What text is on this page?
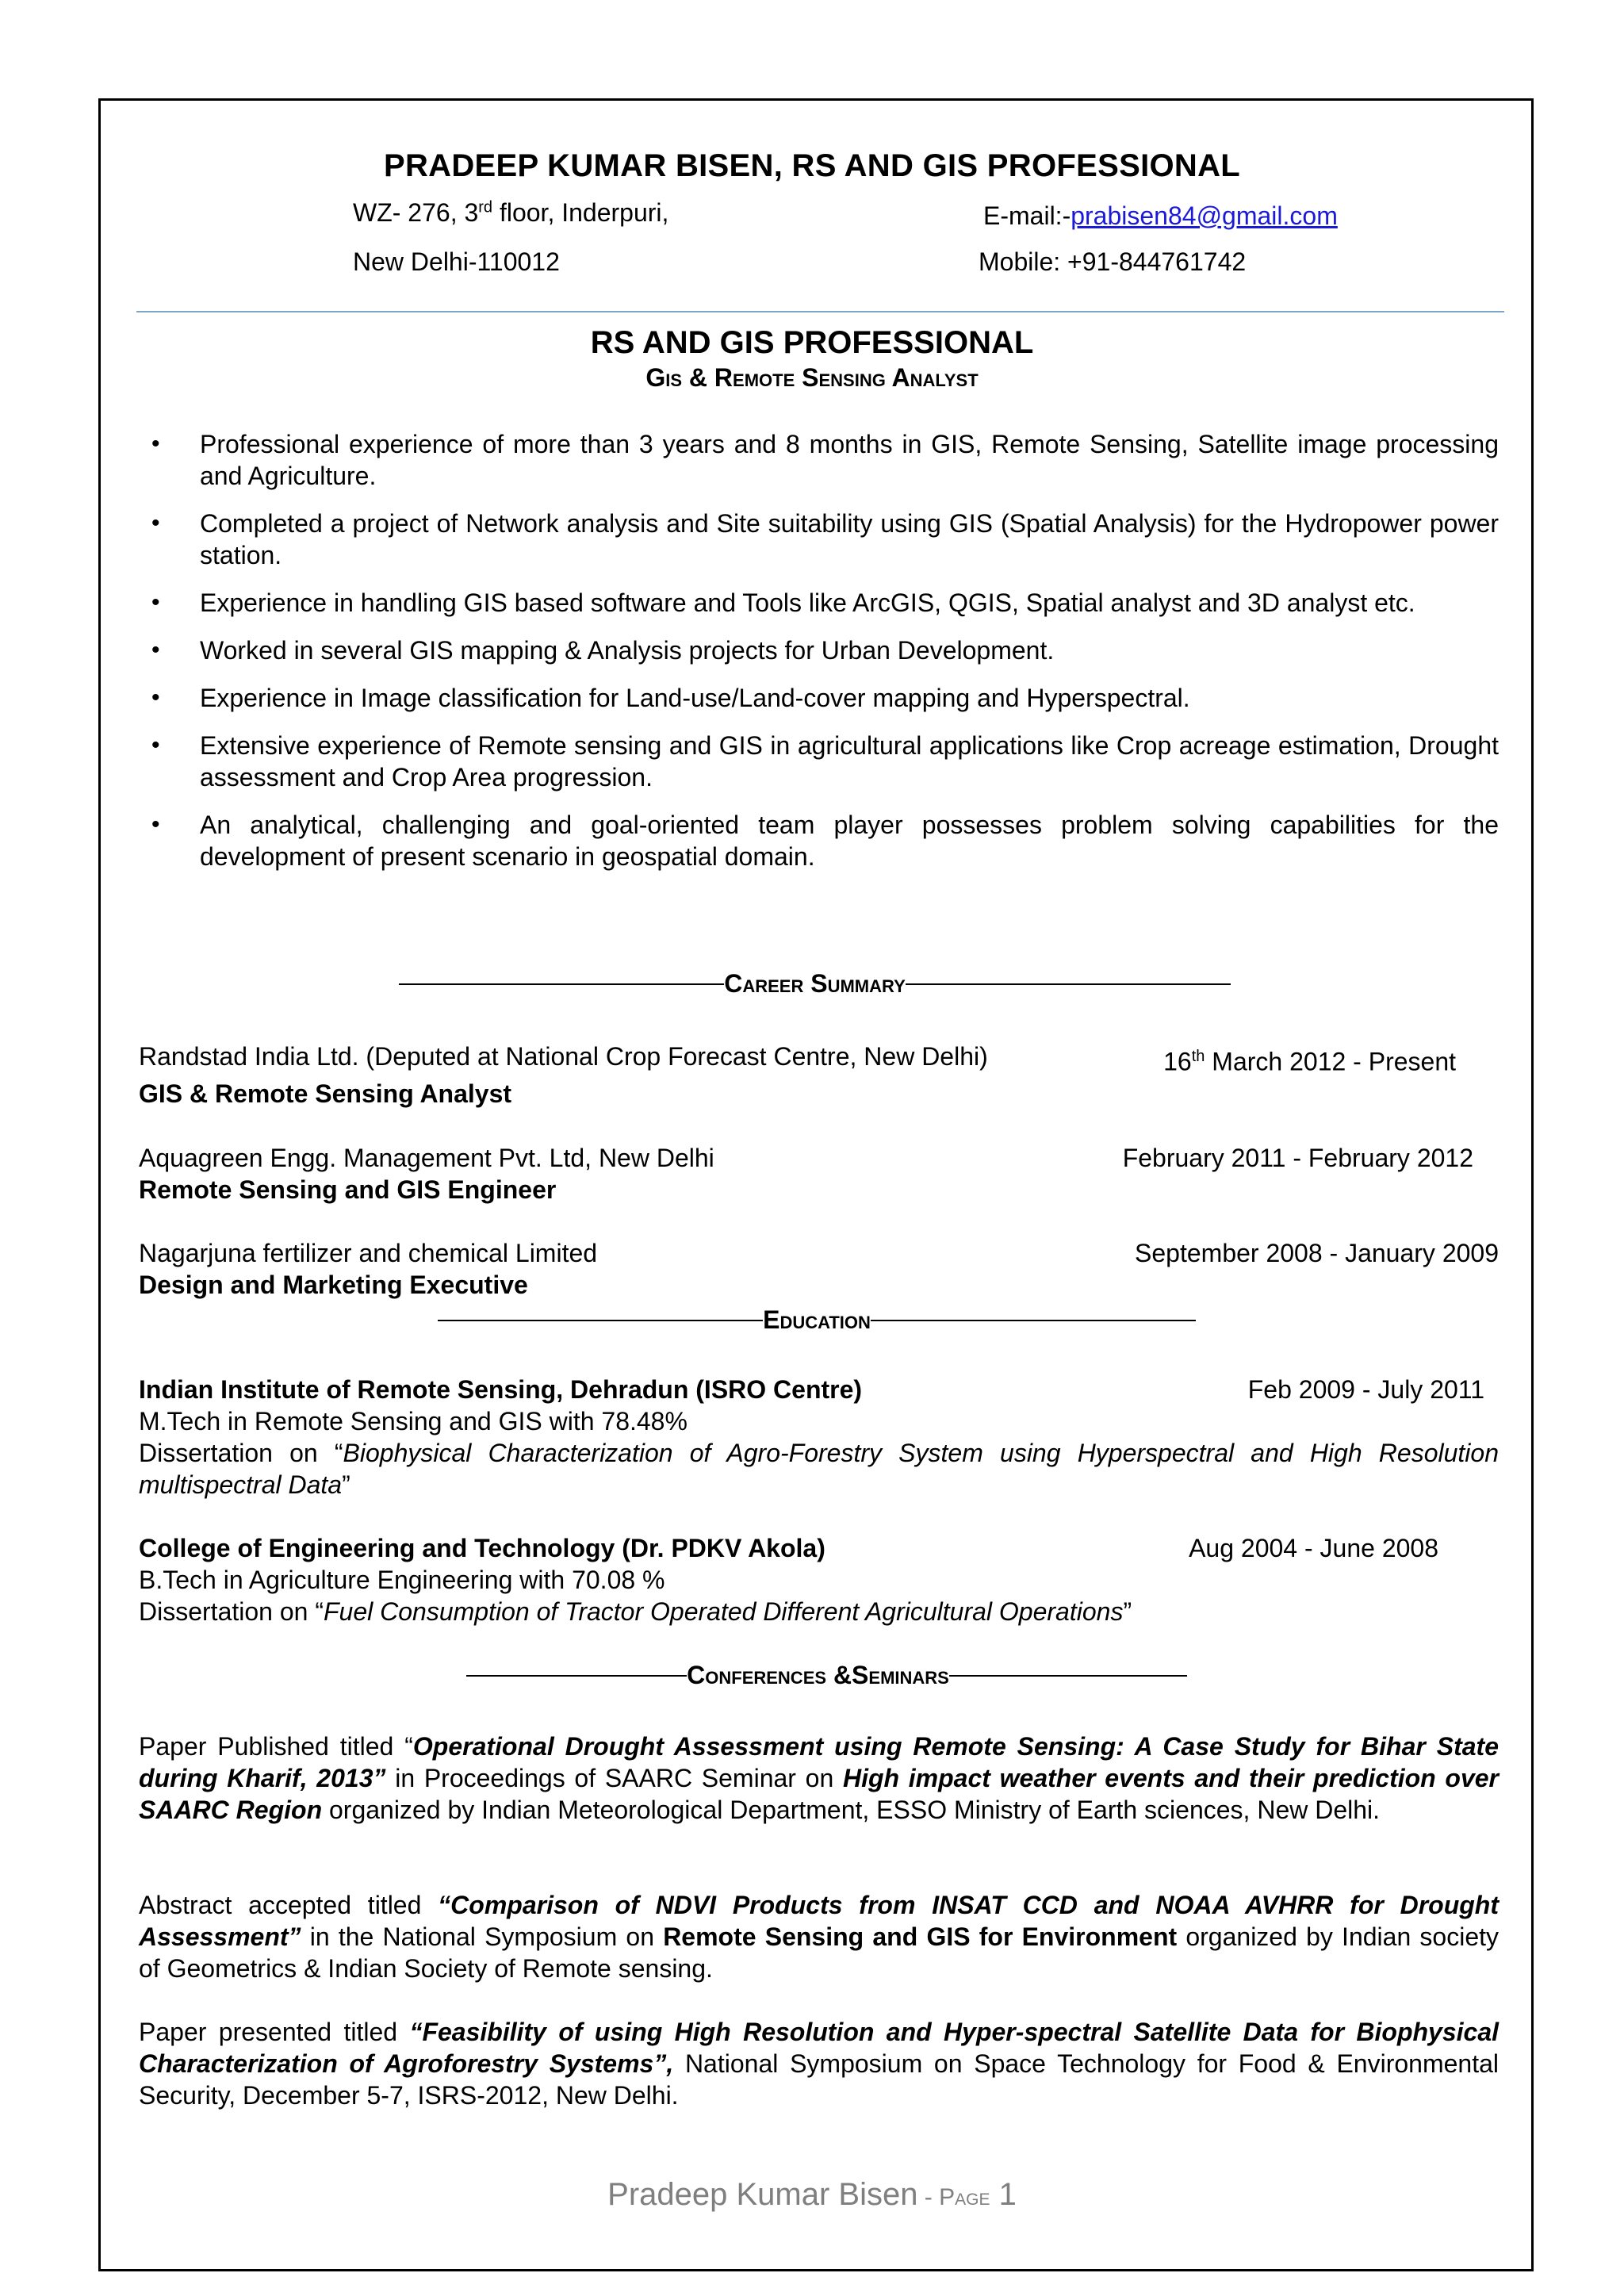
PRADEEP KUMAR BISEN, RS AND GIS PROFESSIONAL
WZ- 276, 3rd floor, Inderpuri,
New Delhi-110012
E-mail:-prabisen84@gmail.com
Mobile: +91-844761742
RS AND GIS PROFESSIONAL
Gis & Remote Sensing Analyst
• Professional experience of more than 3 years and 8 months in GIS, Remote Sensing, Satellite image processing and Agriculture.
• Completed a project of Network analysis and Site suitability using GIS (Spatial Analysis) for the Hydropower power station.
• Experience in handling GIS based software and Tools like ArcGIS, QGIS, Spatial analyst and 3D analyst etc.
• Worked in several GIS mapping & Analysis projects for Urban Development.
• Experience in Image classification for Land-use/Land-cover mapping and Hyperspectral.
• Extensive experience of Remote sensing and GIS in agricultural applications like Crop acreage estimation, Drought assessment and Crop Area progression.
• An analytical, challenging and goal-oriented team player possesses problem solving capabilities for the development of present scenario in geospatial domain.
Career Summary
Randstad India Ltd. (Deputed at National Crop Forecast Centre, New Delhi)	16th March 2012 - Present
GIS & Remote Sensing Analyst
Aquagreen Engg. Management Pvt. Ltd, New Delhi	February 2011 - February 2012
Remote Sensing and GIS Engineer
Nagarjuna fertilizer and chemical Limited	September 2008 - January 2009
Design and Marketing Executive
Education
Indian Institute of Remote Sensing, Dehradun (ISRO Centre)	Feb 2009 - July 2011
M.Tech in Remote Sensing and GIS with 78.48%
Dissertation on “Biophysical Characterization of Agro-Forestry System using Hyperspectral and High Resolution multispectral Data”
College of Engineering and Technology (Dr. PDKV Akola)	Aug 2004 - June 2008
B.Tech in Agriculture Engineering with 70.08 %
Dissertation on “Fuel Consumption of Tractor Operated Different Agricultural Operations”
Conferences &Seminars
Paper Published titled “Operational Drought Assessment using Remote Sensing: A Case Study for Bihar State during Kharif, 2013” in Proceedings of SAARC Seminar on High impact weather events and their prediction over SAARC Region organized by Indian Meteorological Department, ESSO Ministry of Earth sciences, New Delhi.
Abstract accepted titled “Comparison of NDVI Products from INSAT CCD and NOAA AVHRR for Drought Assessment” in the National Symposium on Remote Sensing and GIS for Environment organized by Indian society of Geometrics & Indian Society of Remote sensing.
Paper presented titled “Feasibility of using High Resolution and Hyper-spectral Satellite Data for Biophysical Characterization of Agroforestry Systems”, National Symposium on Space Technology for Food & Environmental Security, December 5-7, ISRS-2012, New Delhi.
Pradeep Kumar Bisen - Page 1
